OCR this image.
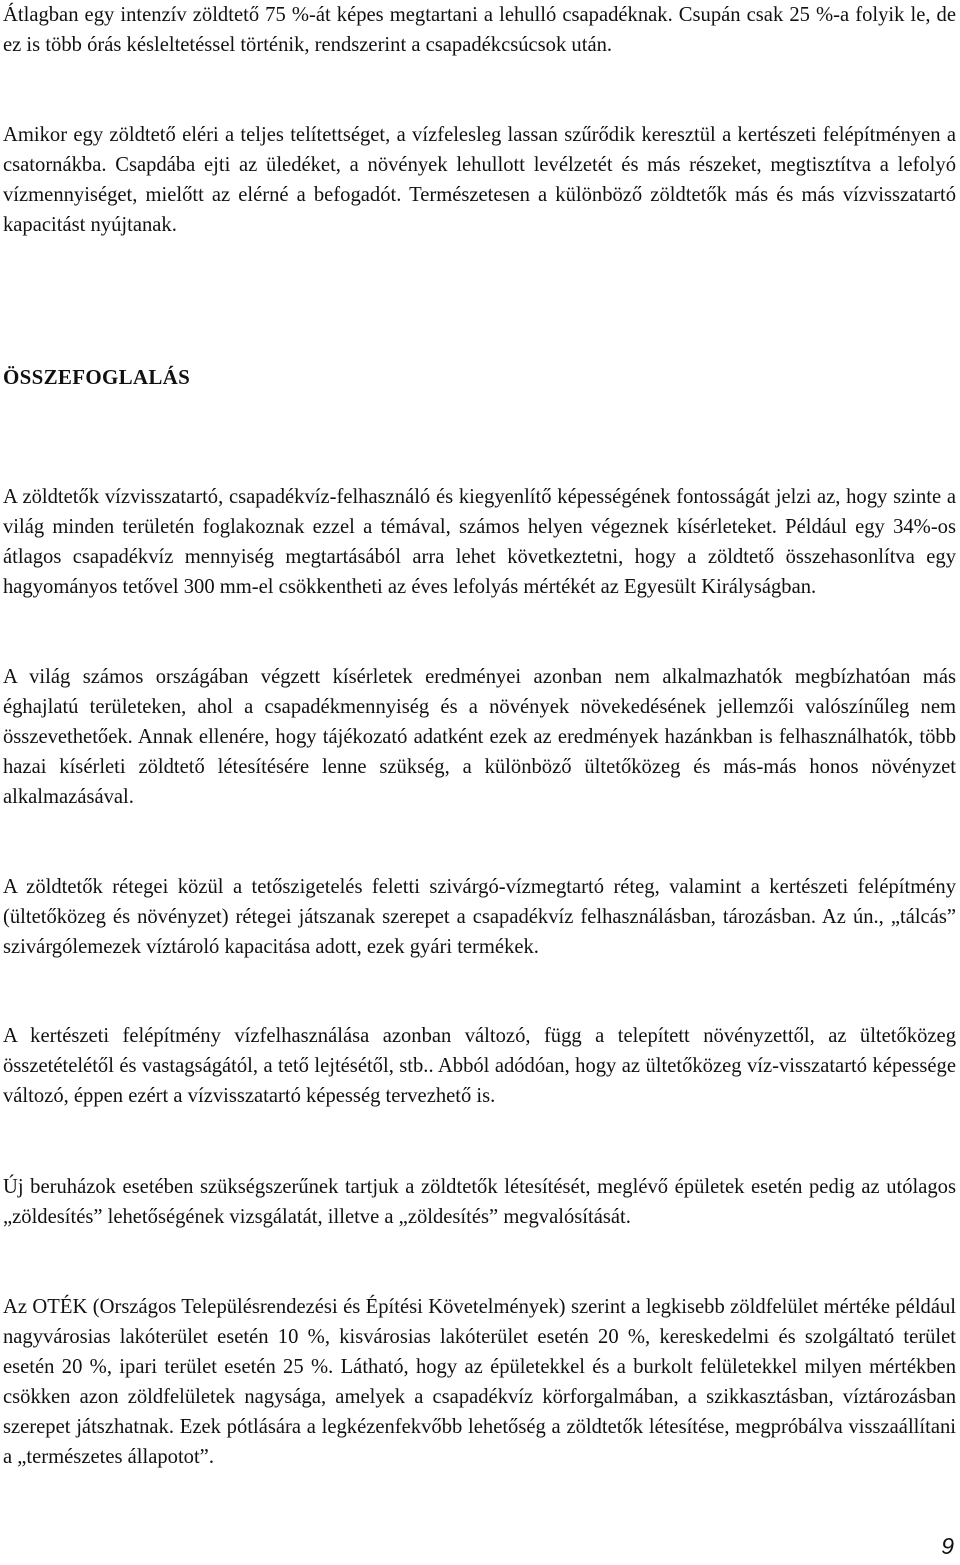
Átlagban egy intenzív zöldtető 75 %-át képes megtartani a lehulló csapadéknak. Csupán csak 25 %-a folyik le, de ez is több órás késleltetéssel történik, rendszerint a csapadékcsúcsok után.

Amikor egy zöldtető eléri a teljes telítettséget, a vízfelesleg lassan szűrődik keresztül a kertészeti felépítményen a csatornákba. Csapdába ejti az üledéket, a növények lehullott levélzetét és más részeket, megtisztítva a lefolyó vízmennyiséget, mielőtt az elérné a befogadót. Természetesen a különböző zöldtetők más és más vízvisszatartó kapacitást nyújtanak.

ÖSSZEFOGLALÁS

A zöldtetők vízvisszatartó, csapadékvíz-felhasználó és kiegyenlítő képességének fontosságát jelzi az, hogy szinte a világ minden területén foglakoznak ezzel a témával, számos helyen végeznek kísérleteket. Például egy 34%-os átlagos csapadékvíz mennyiség megtartásából arra lehet következtetni, hogy a zöldtető összehasonlítva egy hagyományos tetővel 300 mm-el csökkentheti az éves lefolyás mértékét az Egyesült Királyságban.

A világ számos országában végzett kísérletek eredményei azonban nem alkalmazhatók megbízhatóan más éghajlatú területeken, ahol a csapadékmennyiség és a növények növekedésének jellemzői valószínűleg nem összevethetőek. Annak ellenére, hogy tájékozató adatként ezek az eredmények hazánkban is felhasználhatók, több hazai kísérleti zöldtető létesítésére lenne szükség, a különböző ültetőközeg és más-más honos növényzet alkalmazásával.

A zöldtetők rétegei közül a tetőszigetelés feletti szivárgó-vízmegtartó réteg, valamint a kertészeti felépítmény (ültetőközeg és növényzet) rétegei játszanak szerepet a csapadékvíz felhasználásban, tározásban. Az ún., „tálcás” szivárgólemezek víztároló kapacitása adott, ezek gyári termékek.

A kertészeti felépítmény vízfelhasználása azonban változó, függ a telepített növényzettől, az ültetőközeg összetételétől és vastagságától, a tető lejtésétől, stb.. Abból adódóan, hogy az ültetőközeg víz-visszatartó képessége változó, éppen ezért a vízvisszatartó képesség tervezhető is.

Új beruházok esetében szükségszerűnek tartjuk a zöldtetők létesítését, meglévő épületek esetén pedig az utólagos „zöldesítés” lehetőségének vizsgálatát, illetve a „zöldesítés” megvalósítását.

Az OTÉK (Országos Településrendezési és Építési Követelmények) szerint a legkisebb zöldfelület mértéke például nagyvárosias lakóterület esetén 10 %, kisvárosias lakóterület esetén 20 %, kereskedelmi és szolgáltató terület esetén 20 %, ipari terület esetén 25 %. Látható, hogy az épületekkel és a burkolt felületekkel milyen mértékben csökken azon zöldfelületek nagysága, amelyek a csapadékvíz körforgalmában, a szikkasztásban, víztározásban szerepet játszhatnak. Ezek pótlására a legkézenfekvőbb lehetőség a zöldtetők létesítése, megpróbálva visszaállítani a „természetes állapotot”.

9
